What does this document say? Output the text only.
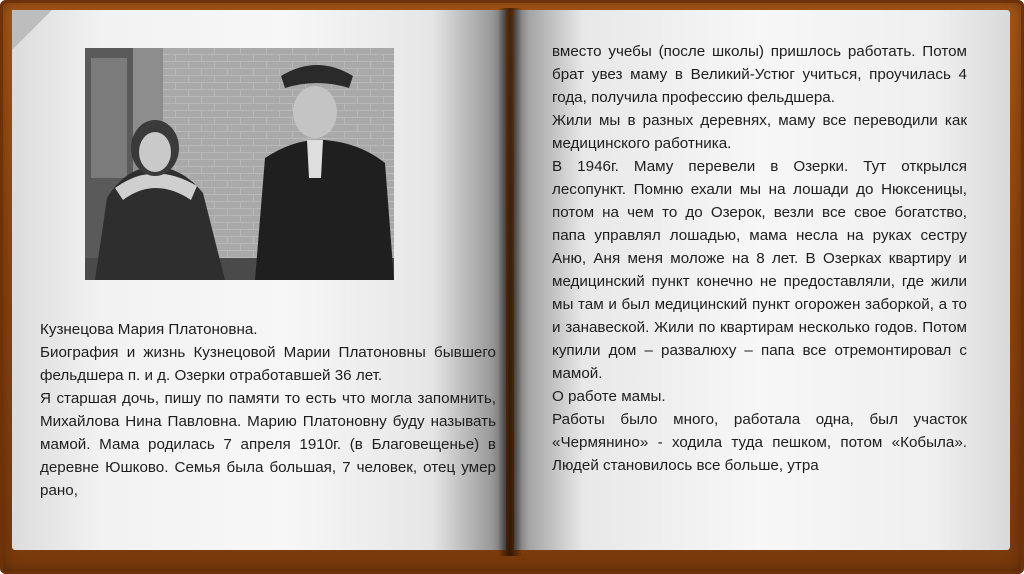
Кузнецова Мария Платоновна.

Биография и жизнь Кузнецовой Марии Платоновны бывшего фельдшера п. и д. Озерки отработавшей 36 лет.

Я старшая дочь, пишу по памяти то есть что могла запомнить, Михайлова Нина Павловна. Марию Платоновну буду называть мамой. Мама родилась 7 апреля 1910г. (в Благовещенье) в деревне Юшково. Семья была большая, 7 человек, отец умер рано,

вместо учебы (после школы) пришлось работать. Потом брат увез маму в Великий-Устюг учиться, проучилась 4 года, получила профессию фельдшера.

Жили мы в разных деревнях, маму все переводили как медицинского работника.

В 1946г. Маму перевели в Озерки. Тут открылся лесопункт. Помню ехали мы на лошади до Нюксеницы, потом на чем то до Озерок, везли все свое богатство, папа управлял лошадью, мама несла на руках сестру Аню, Аня меня моложе на 8 лет. В Озерках квартиру и медицинский пункт конечно не предоставляли, где жили мы там и был медицинский пункт огорожен заборкой, а то и занавеской. Жили по квартирам несколько годов. Потом купили дом – развалюху – папа все отремонтировал с мамой.

О работе мамы.

Работы было много, работала одна, был участок «Чермянино» - ходила туда пешком, потом «Кобыла». Людей становилось все больше, утра
